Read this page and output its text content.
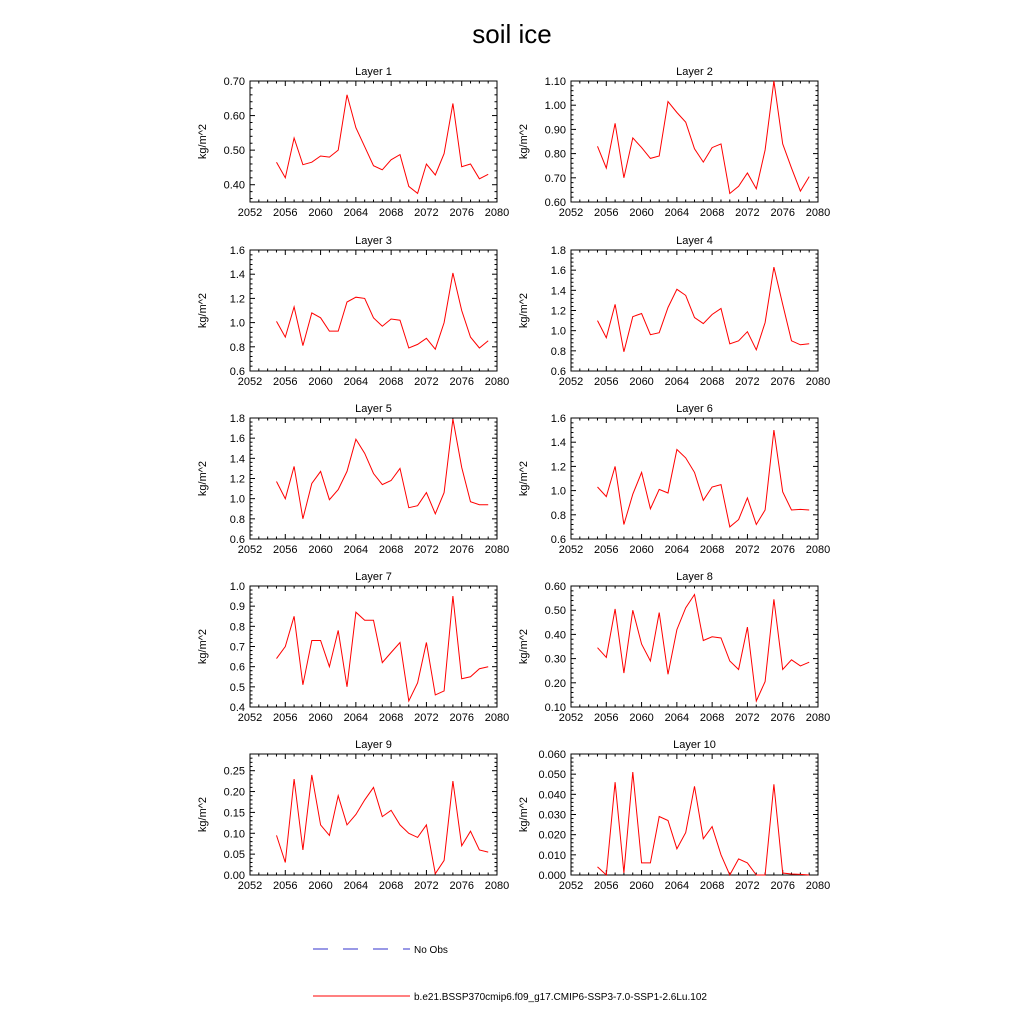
soil ice
Layer 1
2052 2056 2060 2064 2068 2072 2076 2080
0.40
0.50
0.60
0.70
kg/m^2
Layer 2
2052 2056 2060 2064 2068 2072 2076 2080
0.60
0.70
0.80
0.90
1.00
1.10
kg/m^2
Layer 3
2052 2056 2060 2064 2068 2072 2076 2080
0.6
0.8
1.0
1.2
1.4
1.6
kg/m^2
Layer 4
2052 2056 2060 2064 2068 2072 2076 2080
0.6
0.8
1.0
1.2
1.4
1.6
1.8
kg/m^2
Layer 5
2052 2056 2060 2064 2068 2072 2076 2080
0.6
0.8
1.0
1.2
1.4
1.6
1.8
kg/m^2
Layer 6
2052 2056 2060 2064 2068 2072 2076 2080
0.6
0.8
1.0
1.2
1.4
1.6
kg/m^2
Layer 7
2052 2056 2060 2064 2068 2072 2076 2080
0.4
0.5
0.6
0.7
0.8
0.9
1.0
kg/m^2
Layer 8
2052 2056 2060 2064 2068 2072 2076 2080
0.10
0.20
0.30
0.40
0.50
0.60
kg/m^2
Layer 9
2052 2056 2060 2064 2068 2072 2076 2080
0.00
0.05
0.10
0.15
0.20
0.25
kg/m^2
Layer 10
2052 2056 2060 2064 2068 2072 2076 2080
0.000
0.010
0.020
0.030
0.040
0.050
0.060
kg/m^2
No Obs
b.e21.BSSP370cmip6.f09_g17.CMIP6-SSP3-7.0-SSP1-2.6Lu.102
